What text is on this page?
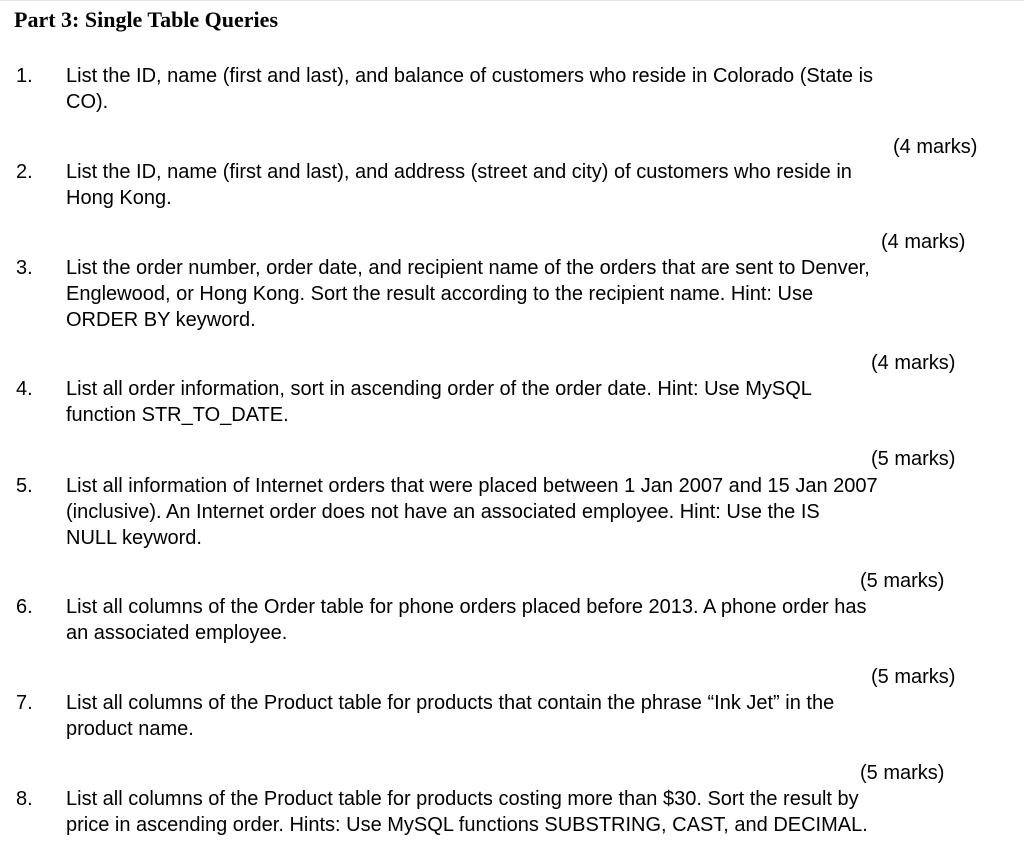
Part 3: Single Table Queries
1. List the ID, name (first and last), and balance of customers who reside in Colorado (State is
CO).
(4 marks)
2. List the ID, name (first and last), and address (street and city) of customers who reside in
Hong Kong.
(4 marks)
3. List the order number, order date, and recipient name of the orders that are sent to Denver,
Englewood, or Hong Kong. Sort the result according to the recipient name. Hint: Use
ORDER BY keyword.
(4 marks)
4. List all order information, sort in ascending order of the order date. Hint: Use MySQL
function STR_TO_DATE.
(5 marks)
5. List all information of Internet orders that were placed between 1 Jan 2007 and 15 Jan 2007
(inclusive). An Internet order does not have an associated employee. Hint: Use the IS
NULL keyword.
(5 marks)
6. List all columns of the Order table for phone orders placed before 2013. A phone order has
an associated employee.
(5 marks)
7. List all columns of the Product table for products that contain the phrase “Ink Jet” in the
product name.
(5 marks)
8. List all columns of the Product table for products costing more than $30. Sort the result by
price in ascending order. Hints: Use MySQL functions SUBSTRING, CAST, and DECIMAL.
